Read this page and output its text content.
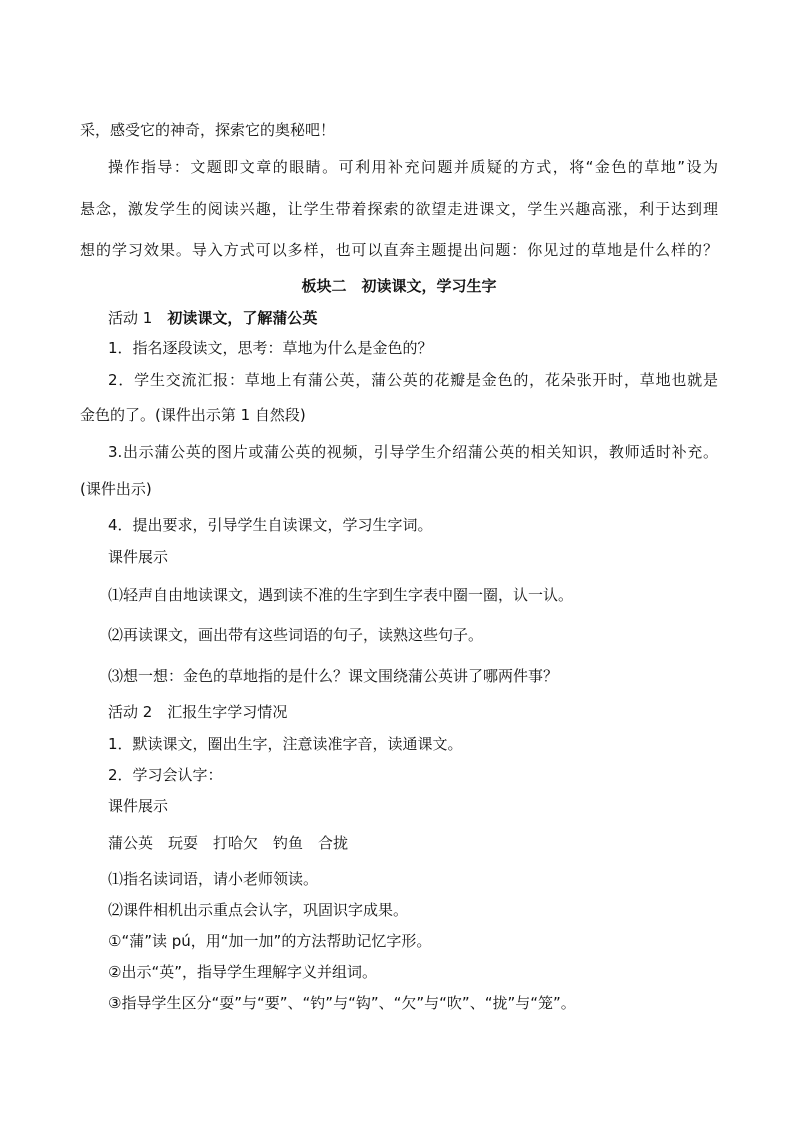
采，感受它的神奇，探索它的奥秘吧！

操作指导：文题即文章的眼睛。可利用补充问题并质疑的方式，将“金色的草地”设为

悬念，激发学生的阅读兴趣，让学生带着探索的欲望走进课文，学生兴趣高涨，利于达到理

想的学习效果。导入方式可以多样，也可以直奔主题提出问题：你见过的草地是什么样的？

板块二　初读课文，学习生字

活动 1　初读课文，了解蒲公英

1．指名逐段读文，思考：草地为什么是金色的？

2．学生交流汇报：草地上有蒲公英，蒲公英的花瓣是金色的，花朵张开时，草地也就是

金色的了。(课件出示第 1 自然段)

3.出示蒲公英的图片或蒲公英的视频，引导学生介绍蒲公英的相关知识，教师适时补充。

(课件出示)

4．提出要求，引导学生自读课文，学习生字词。

课件展示

⑴轻声自由地读课文，遇到读不准的生字到生字表中圈一圈，认一认。

⑵再读课文，画出带有这些词语的句子，读熟这些句子。

⑶想一想：金色的草地指的是什么？课文围绕蒲公英讲了哪两件事？

活动 2　汇报生字学习情况

1．默读课文，圈出生字，注意读准字音，读通课文。

2．学习会认字：

课件展示

蒲公英　玩耍　打哈欠　钓鱼　合拢

⑴指名读词语，请小老师领读。

⑵课件相机出示重点会认字，巩固识字成果。

①“蒲”读 pú，用“加一加”的方法帮助记忆字形。

②出示“英”，指导学生理解字义并组词。

③指导学生区分“耍”与“要”、“钓”与“钩”、“欠”与“吹”、“拢”与“笼”。
